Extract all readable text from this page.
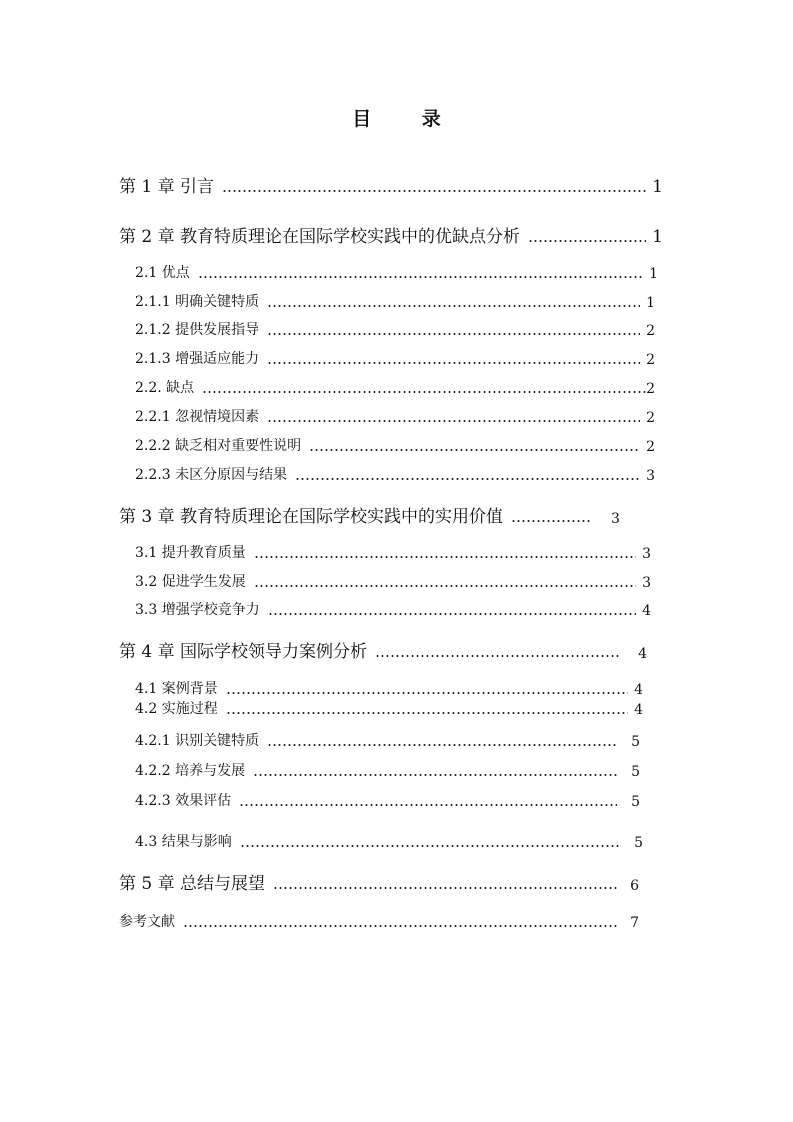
目 录
第 1 章 引言	1
第 2 章 教育特质理论在国际学校实践中的优缺点分析	1
2.1 优点	1
2.1.1 明确关键特质	1
2.1.2 提供发展指导	2
2.1.3 增强适应能力	2
2.2. 缺点	2
2.2.1 忽视情境因素	2
2.2.2 缺乏相对重要性说明	2
2.2.3 未区分原因与结果	3
第 3 章 教育特质理论在国际学校实践中的实用价值	3
3.1 提升教育质量	3
3.2 促进学生发展	3
3.3 增强学校竞争力	4
第 4 章 国际学校领导力案例分析	4
4.1 案例背景	4
4.2 实施过程	4
4.2.1 识别关键特质	5
4.2.2 培养与发展	5
4.2.3 效果评估	5
4.3 结果与影响	5
第 5 章 总结与展望	6
参考文献	7
